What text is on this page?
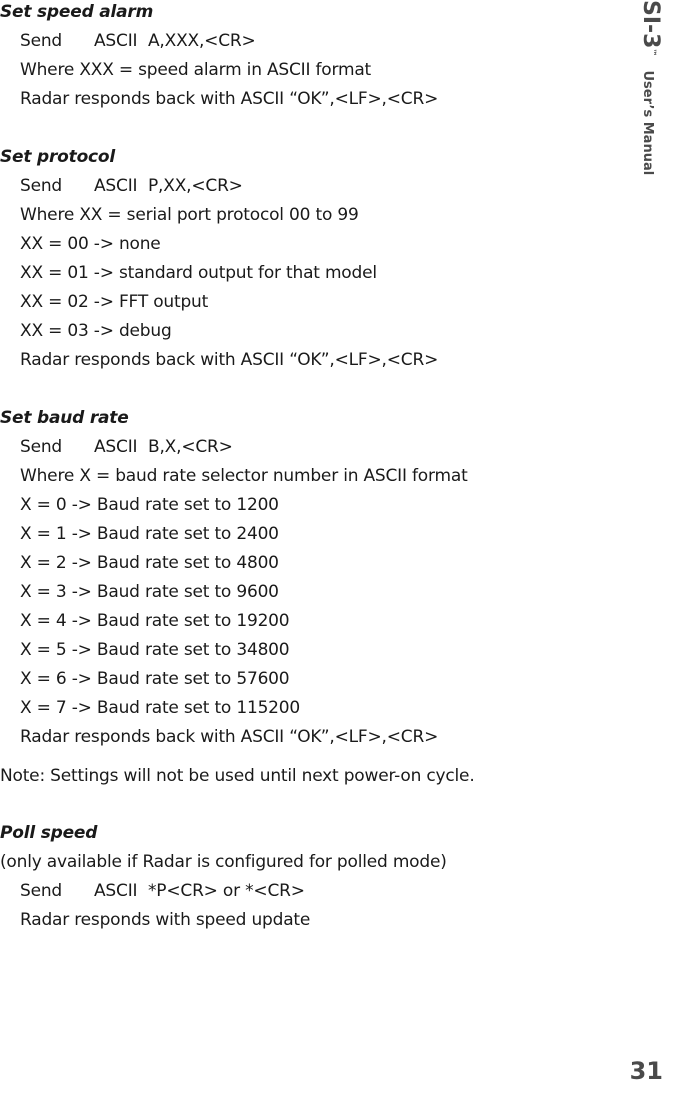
Set speed alarm
Send ASCII A,XXX,<CR>
Where XXX = speed alarm in ASCII format
Radar responds back with ASCII “OK”,<LF>,<CR>
Set protocol
Send ASCII P,XX,<CR>
Where XX = serial port protocol 00 to 99
XX = 00 -> none
XX = 01 -> standard output for that model
XX = 02 -> FFT output
XX = 03 -> debug
Radar responds back with ASCII “OK”,<LF>,<CR>
Set baud rate
Send ASCII B,X,<CR>
Where X = baud rate selector number in ASCII format
X = 0 -> Baud rate set to 1200
X = 1 -> Baud rate set to 2400
X = 2 -> Baud rate set to 4800
X = 3 -> Baud rate set to 9600
X = 4 -> Baud rate set to 19200
X = 5 -> Baud rate set to 34800
X = 6 -> Baud rate set to 57600
X = 7 -> Baud rate set to 115200
Radar responds back with ASCII “OK”,<LF>,<CR>
Note: Settings will not be used until next power-on cycle.
Poll speed
(only available if Radar is configured for polled mode)
Send ASCII *P<CR> or *<CR>
Radar responds with speed update
SI-3™User’s Manual
31
